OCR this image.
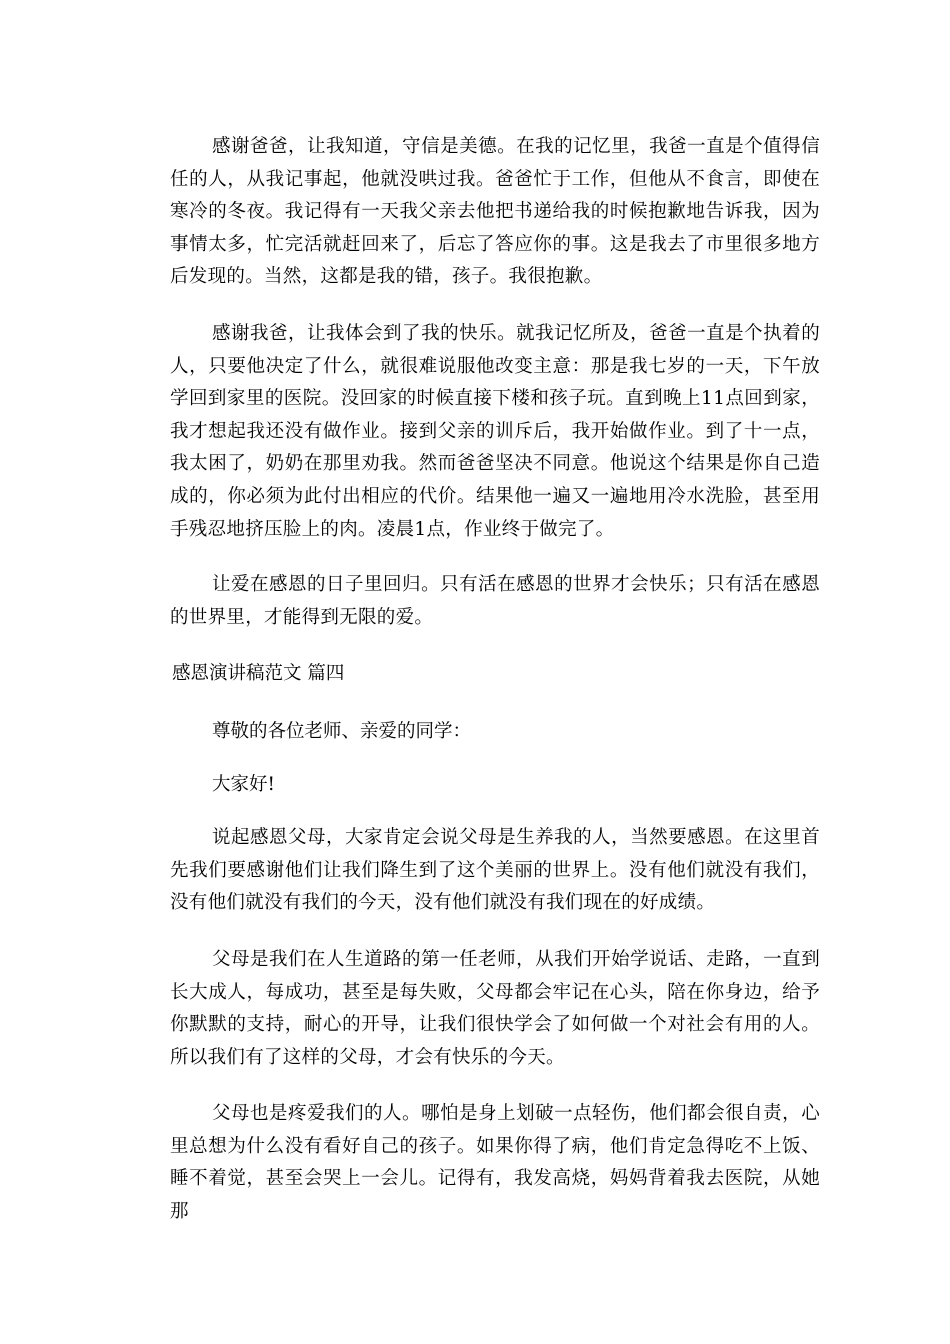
感谢爸爸，让我知道，守信是美德。在我的记忆里，我爸一直是个值得信任的人，从我记事起，他就没哄过我。爸爸忙于工作，但他从不食言，即使在寒冷的冬夜。我记得有一天我父亲去他把书递给我的时候抱歉地告诉我，因为事情太多，忙完活就赶回来了，后忘了答应你的事。这是我去了市里很多地方后发现的。当然，这都是我的错，孩子。我很抱歉。

感谢我爸，让我体会到了我的快乐。就我记忆所及，爸爸一直是个执着的人，只要他决定了什么，就很难说服他改变主意：那是我七岁的一天，下午放学回到家里的医院。没回家的时候直接下楼和孩子玩。直到晚上11点回到家，我才想起我还没有做作业。接到父亲的训斥后，我开始做作业。到了十一点，我太困了，奶奶在那里劝我。然而爸爸坚决不同意。他说这个结果是你自己造成的，你必须为此付出相应的代价。结果他一遍又一遍地用冷水洗脸，甚至用手残忍地挤压脸上的肉。凌晨1点，作业终于做完了。

让爱在感恩的日子里回归。只有活在感恩的世界才会快乐；只有活在感恩的世界里，才能得到无限的爱。

感恩演讲稿范文 篇四

尊敬的各位老师、亲爱的同学：

大家好!

说起感恩父母，大家肯定会说父母是生养我的人，当然要感恩。在这里首先我们要感谢他们让我们降生到了这个美丽的世界上。没有他们就没有我们，没有他们就没有我们的今天，没有他们就没有我们现在的好成绩。

父母是我们在人生道路的第一任老师，从我们开始学说话、走路，一直到长大成人，每成功，甚至是每失败，父母都会牢记在心头，陪在你身边，给予你默默的支持，耐心的开导，让我们很快学会了如何做一个对社会有用的人。所以我们有了这样的父母，才会有快乐的今天。

父母也是疼爱我们的人。哪怕是身上划破一点轻伤，他们都会很自责，心里总想为什么没有看好自己的孩子。如果你得了病，他们肯定急得吃不上饭、睡不着觉，甚至会哭上一会儿。记得有，我发高烧，妈妈背着我去医院，从她那
